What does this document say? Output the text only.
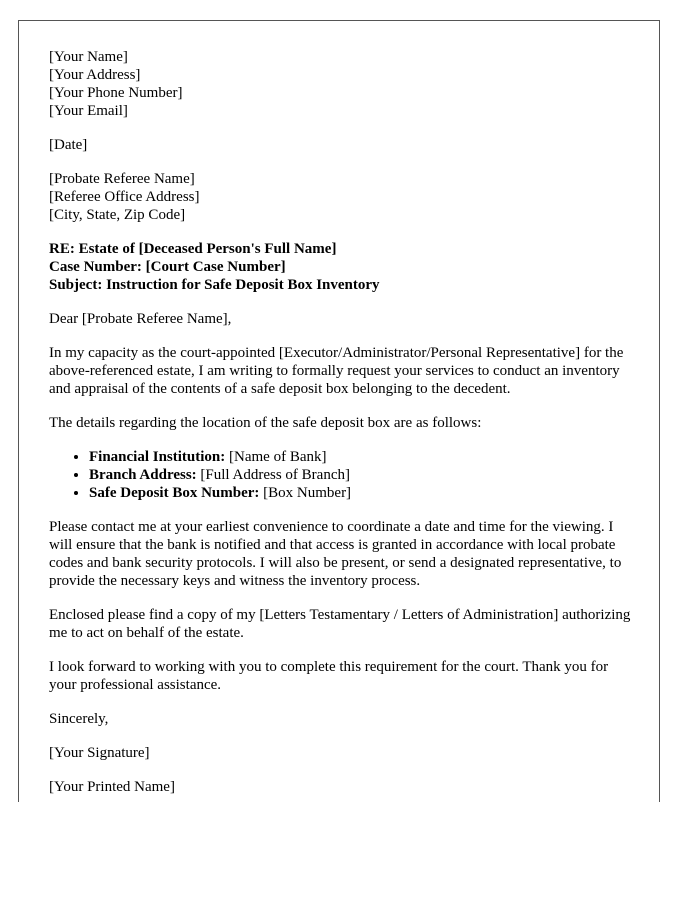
[Your Name]
[Your Address]
[Your Phone Number]
[Your Email]
[Date]
[Probate Referee Name]
[Referee Office Address]
[City, State, Zip Code]
RE: Estate of [Deceased Person's Full Name]
Case Number: [Court Case Number]
Subject: Instruction for Safe Deposit Box Inventory

Dear [Probate Referee Name],

In my capacity as the court-appointed [Executor/Administrator/Personal Representative] for the above-referenced estate, I am writing to formally request your services to conduct an inventory and appraisal of the contents of a safe deposit box belonging to the decedent.

The details regarding the location of the safe deposit box are as follows:

• Financial Institution: [Name of Bank]
• Branch Address: [Full Address of Branch]
• Safe Deposit Box Number: [Box Number]

Please contact me at your earliest convenience to coordinate a date and time for the viewing. I will ensure that the bank is notified and that access is granted in accordance with local probate codes and bank security protocols. I will also be present, or send a designated representative, to provide the necessary keys and witness the inventory process.

Enclosed please find a copy of my [Letters Testamentary / Letters of Administration] authorizing me to act on behalf of the estate.

I look forward to working with you to complete this requirement for the court. Thank you for your professional assistance.

Sincerely,

[Your Signature]

[Your Printed Name]
